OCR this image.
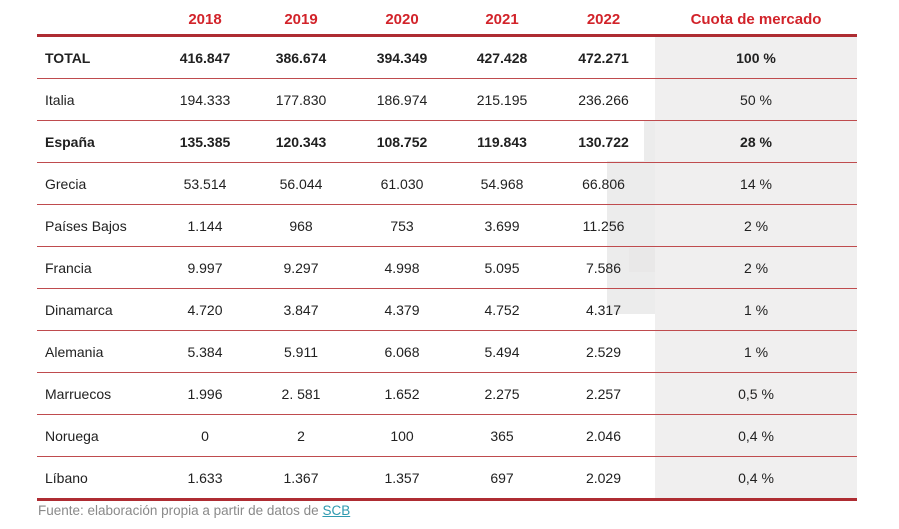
	2018	2019	2020	2021	2022	Cuota de mercado
TOTAL	416.847	386.674	394.349	427.428	472.271	100 %
Italia	194.333	177.830	186.974	215.195	236.266	50 %
España	135.385	120.343	108.752	119.843	130.722	28 %
Grecia	53.514	56.044	61.030	54.968	66.806	14 %
Países Bajos	1.144	968	753	3.699	11.256	2 %
Francia	9.997	9.297	4.998	5.095	7.586	2 %
Dinamarca	4.720	3.847	4.379	4.752	4.317	1 %
Alemania	5.384	5.911	6.068	5.494	2.529	1 %
Marruecos	1.996	2. 581	1.652	2.275	2.257	0,5 %
Noruega	0	2	100	365	2.046	0,4 %
Líbano	1.633	1.367	1.357	697	2.029	0,4 %
Fuente: elaboración propia a partir de datos de SCB
